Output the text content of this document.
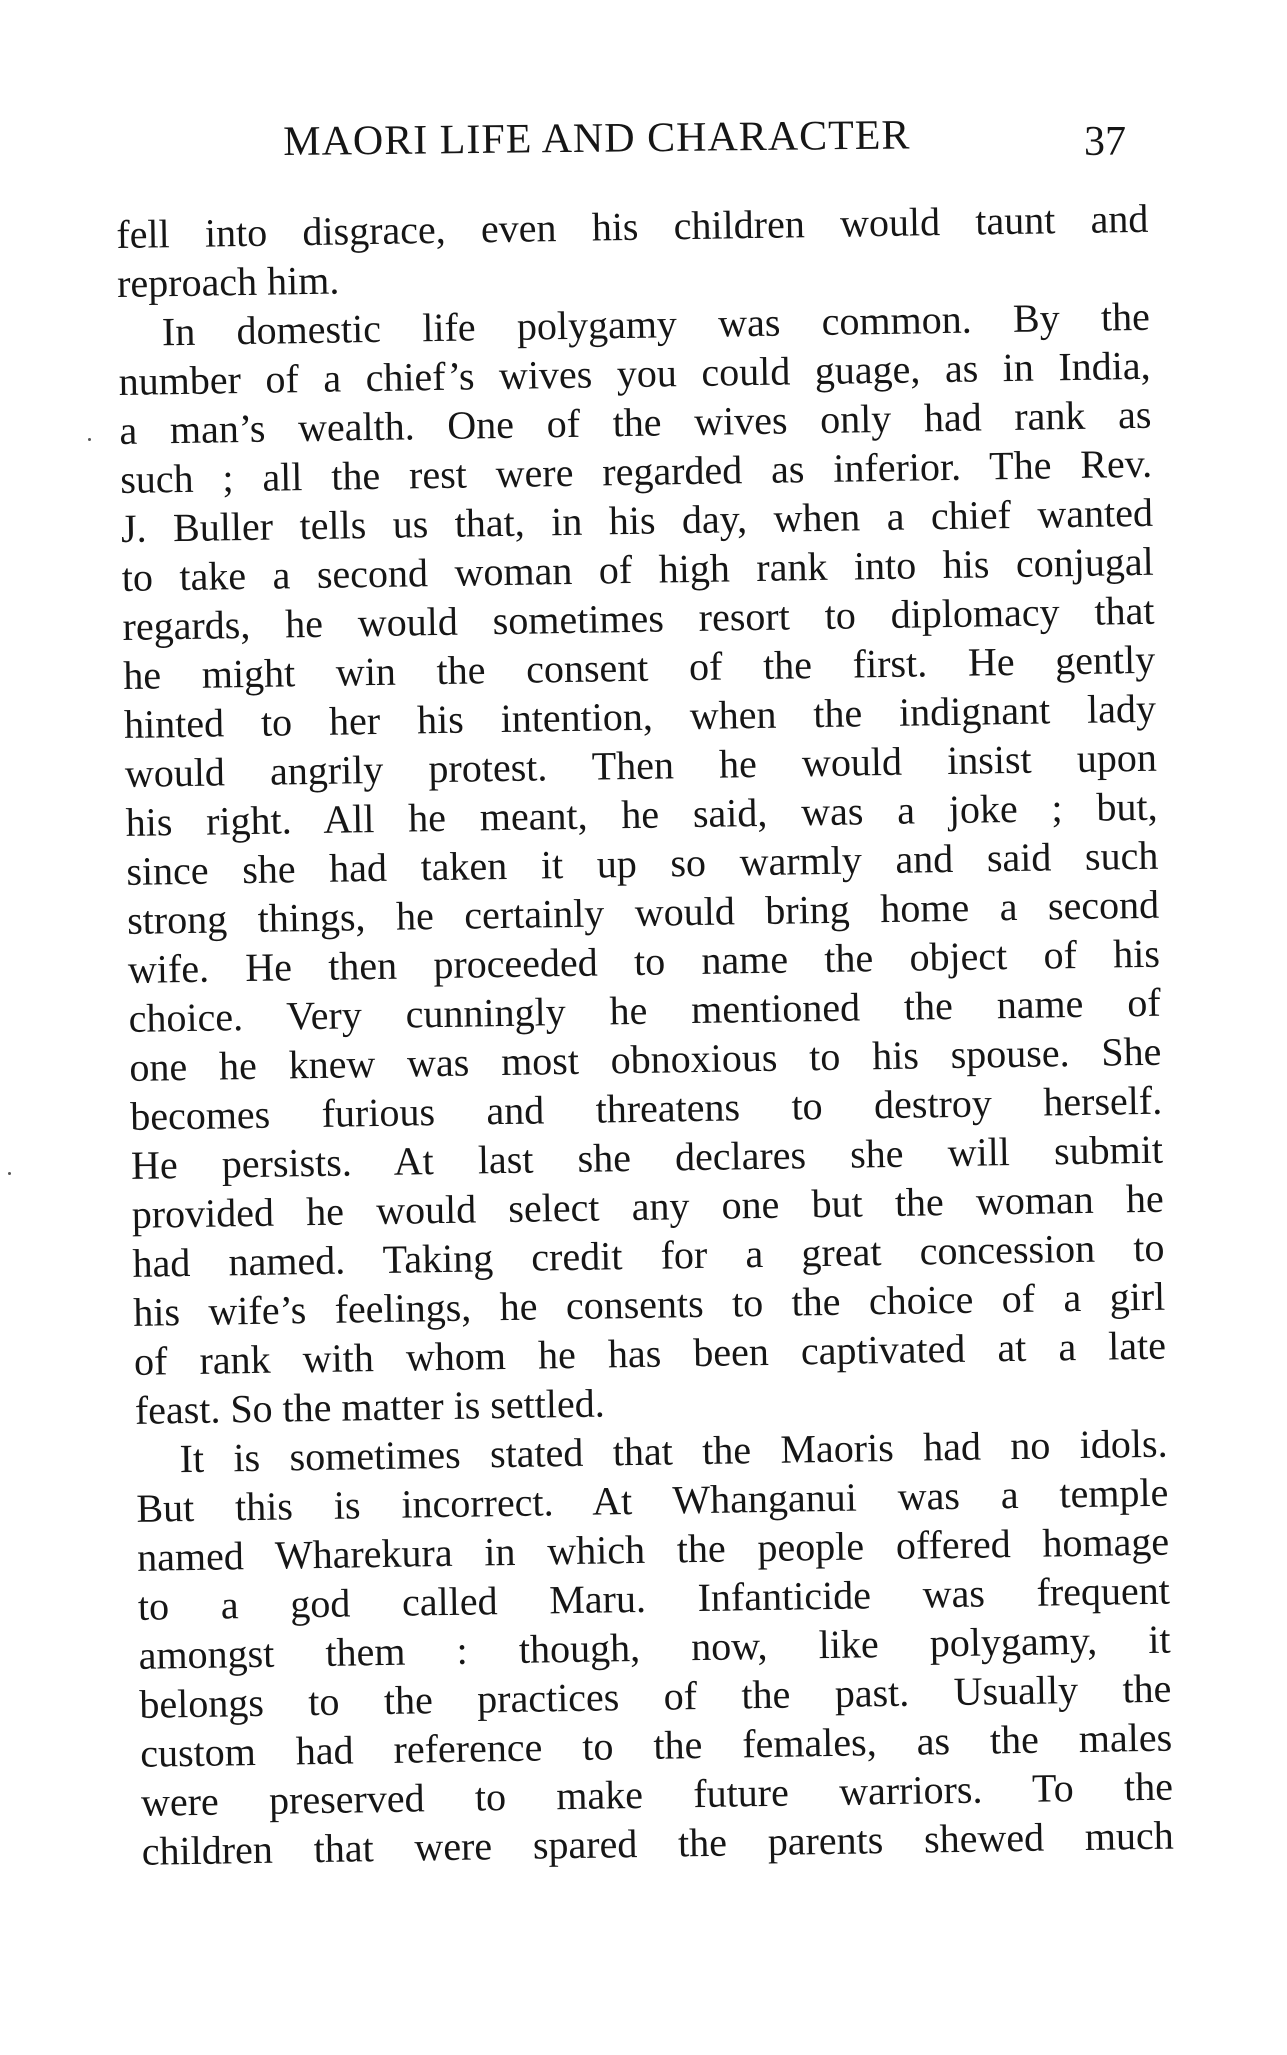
MAORI LIFE AND CHARACTER	37
fell into disgrace, even his children would taunt and
reproach him.
In domestic life polygamy was common. By the
number of a chief’s wives you could guage, as in India,
a man’s wealth. One of the wives only had rank as
such ; all the rest were regarded as inferior. The Rev.
J. Buller tells us that, in his day, when a chief wanted
to take a second woman of high rank into his conjugal
regards, he would sometimes resort to diplomacy that
he might win the consent of the first. He gently
hinted to her his intention, when the indignant lady
would angrily protest. Then he would insist upon
his right. All he meant, he said, was a joke ; but,
since she had taken it up so warmly and said such
strong things, he certainly would bring home a second
wife. He then proceeded to name the object of his
choice. Very cunningly he mentioned the name of
one he knew was most obnoxious to his spouse. She
becomes furious and threatens to destroy herself.
He persists. At last she declares she will submit
provided he would select any one but the woman he
had named. Taking credit for a great concession to
his wife’s feelings, he consents to the choice of a girl
of rank with whom he has been captivated at a late
feast. So the matter is settled.
It is sometimes stated that the Maoris had no idols.
But this is incorrect. At Whanganui was a temple
named Wharekura in which the people offered homage
to a god called Maru. Infanticide was frequent
amongst them : though, now, like polygamy, it
belongs to the practices of the past. Usually the
custom had reference to the females, as the males
were preserved to make future warriors. To the
children that were spared the parents shewed much
